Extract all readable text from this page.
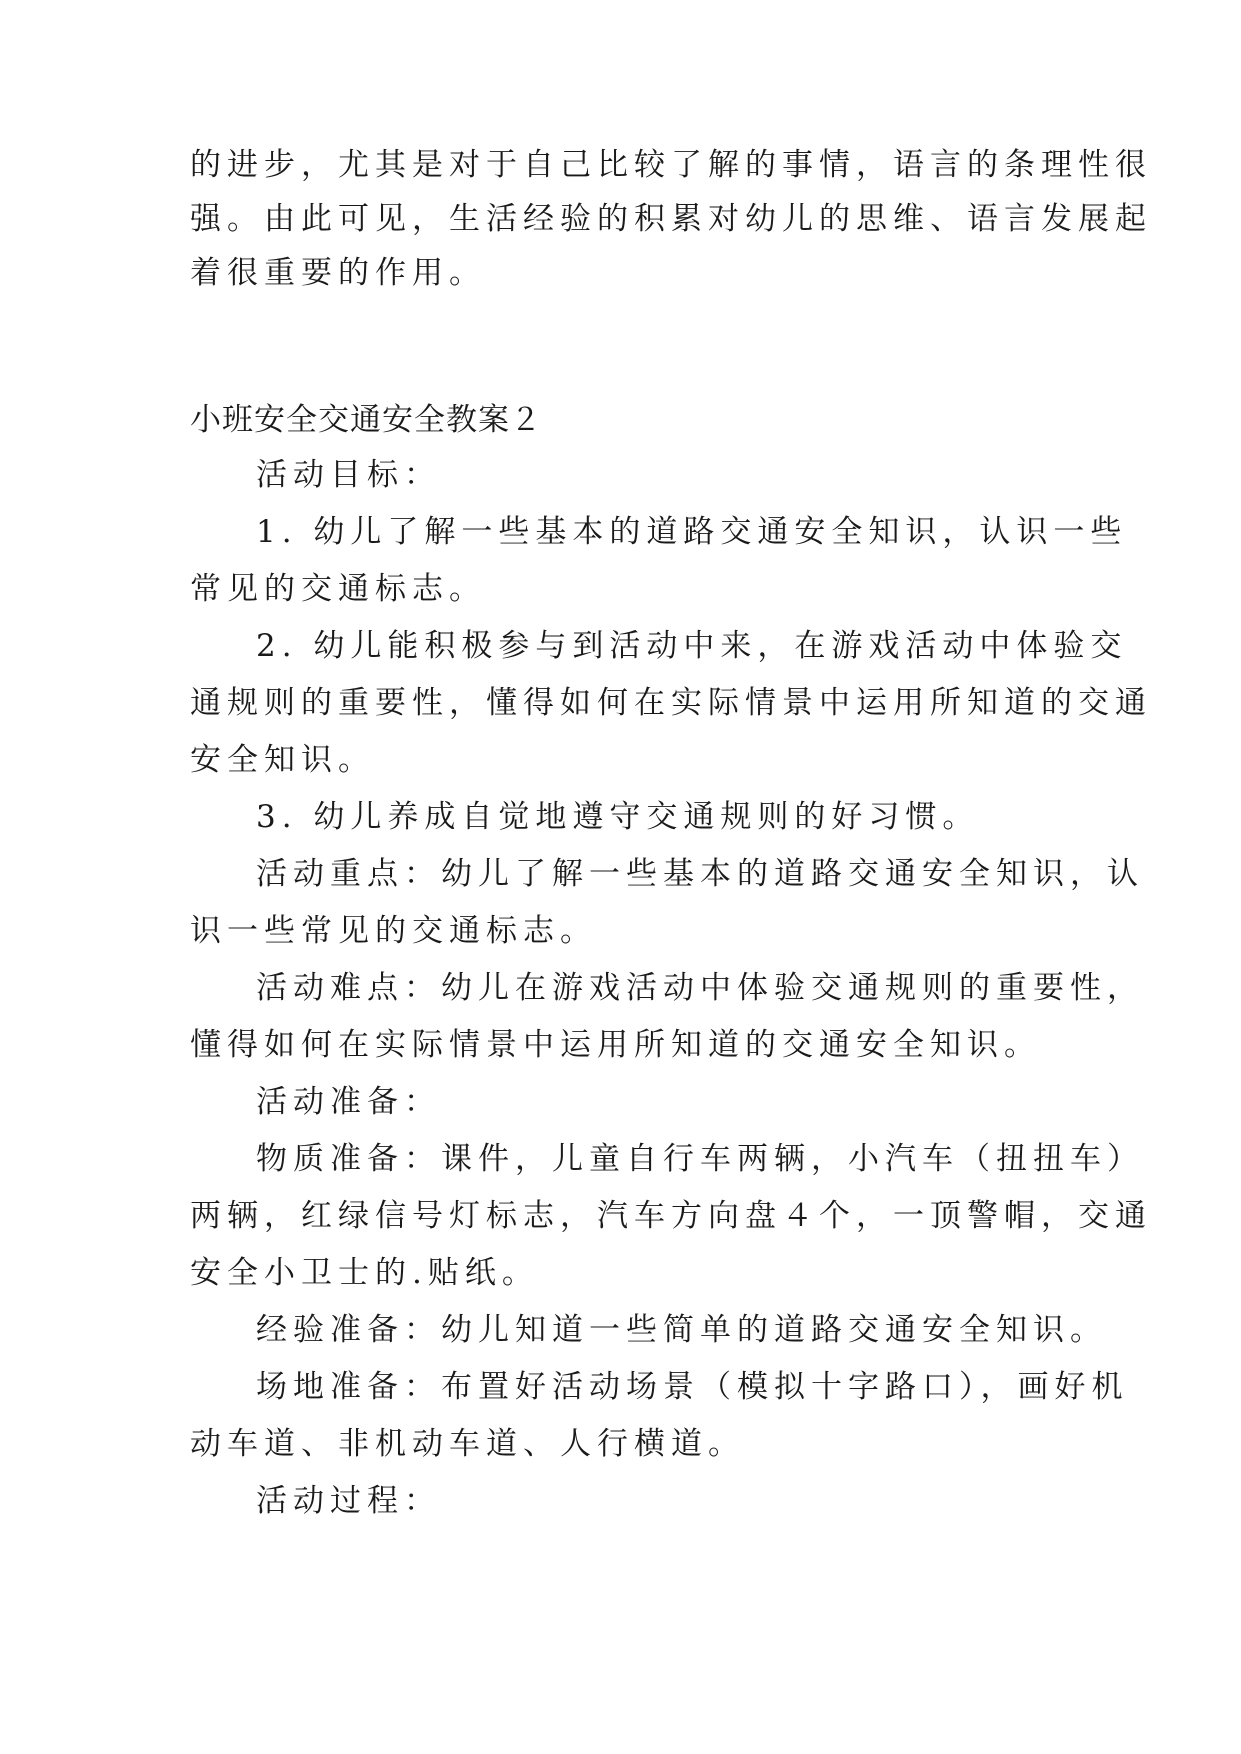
的进步，尤其是对于自己比较了解的事情，语言的条理性很
强。由此可见，生活经验的积累对幼儿的思维、语言发展起
着很重要的作用。
小班安全交通安全教案２
活动目标：
1. 幼儿了解一些基本的道路交通安全知识，认识一些
常见的交通标志。
2. 幼儿能积极参与到活动中来，在游戏活动中体验交
通规则的重要性，懂得如何在实际情景中运用所知道的交通
安全知识。
3. 幼儿养成自觉地遵守交通规则的好习惯。
活动重点：幼儿了解一些基本的道路交通安全知识，认
识一些常见的交通标志。
活动难点：幼儿在游戏活动中体验交通规则的重要性，
懂得如何在实际情景中运用所知道的交通安全知识。
活动准备：
物质准备：课件，儿童自行车两辆，小汽车（扭扭车）
两辆，红绿信号灯标志，汽车方向盘４个，一顶警帽，交通
安全小卫士的.贴纸。
经验准备：幼儿知道一些简单的道路交通安全知识。
场地准备：布置好活动场景（模拟十字路口），画好机
动车道、非机动车道、人行横道。
活动过程：
